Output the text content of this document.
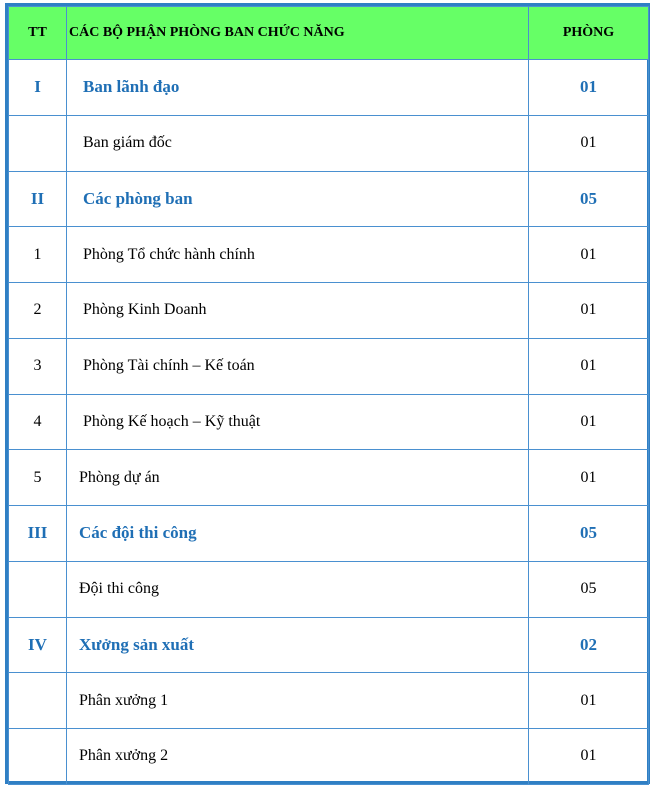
TT	CÁC BỘ PHẬN PHÒNG BAN CHỨC NĂNG	PHÒNG
I	Ban lãnh đạo	01
	Ban giám đốc	01
II	Các phòng ban	05
1	Phòng Tổ chức hành chính	01
2	Phòng Kinh Doanh	01
3	Phòng Tài chính – Kế toán	01
4	Phòng Kế hoạch – Kỹ thuật	01
5	Phòng dự án	01
III	Các đội thi công	05
	Đội thi công	05
IV	Xưởng sản xuất	02
	Phân xưởng 1	01
	Phân xưởng 2	01
